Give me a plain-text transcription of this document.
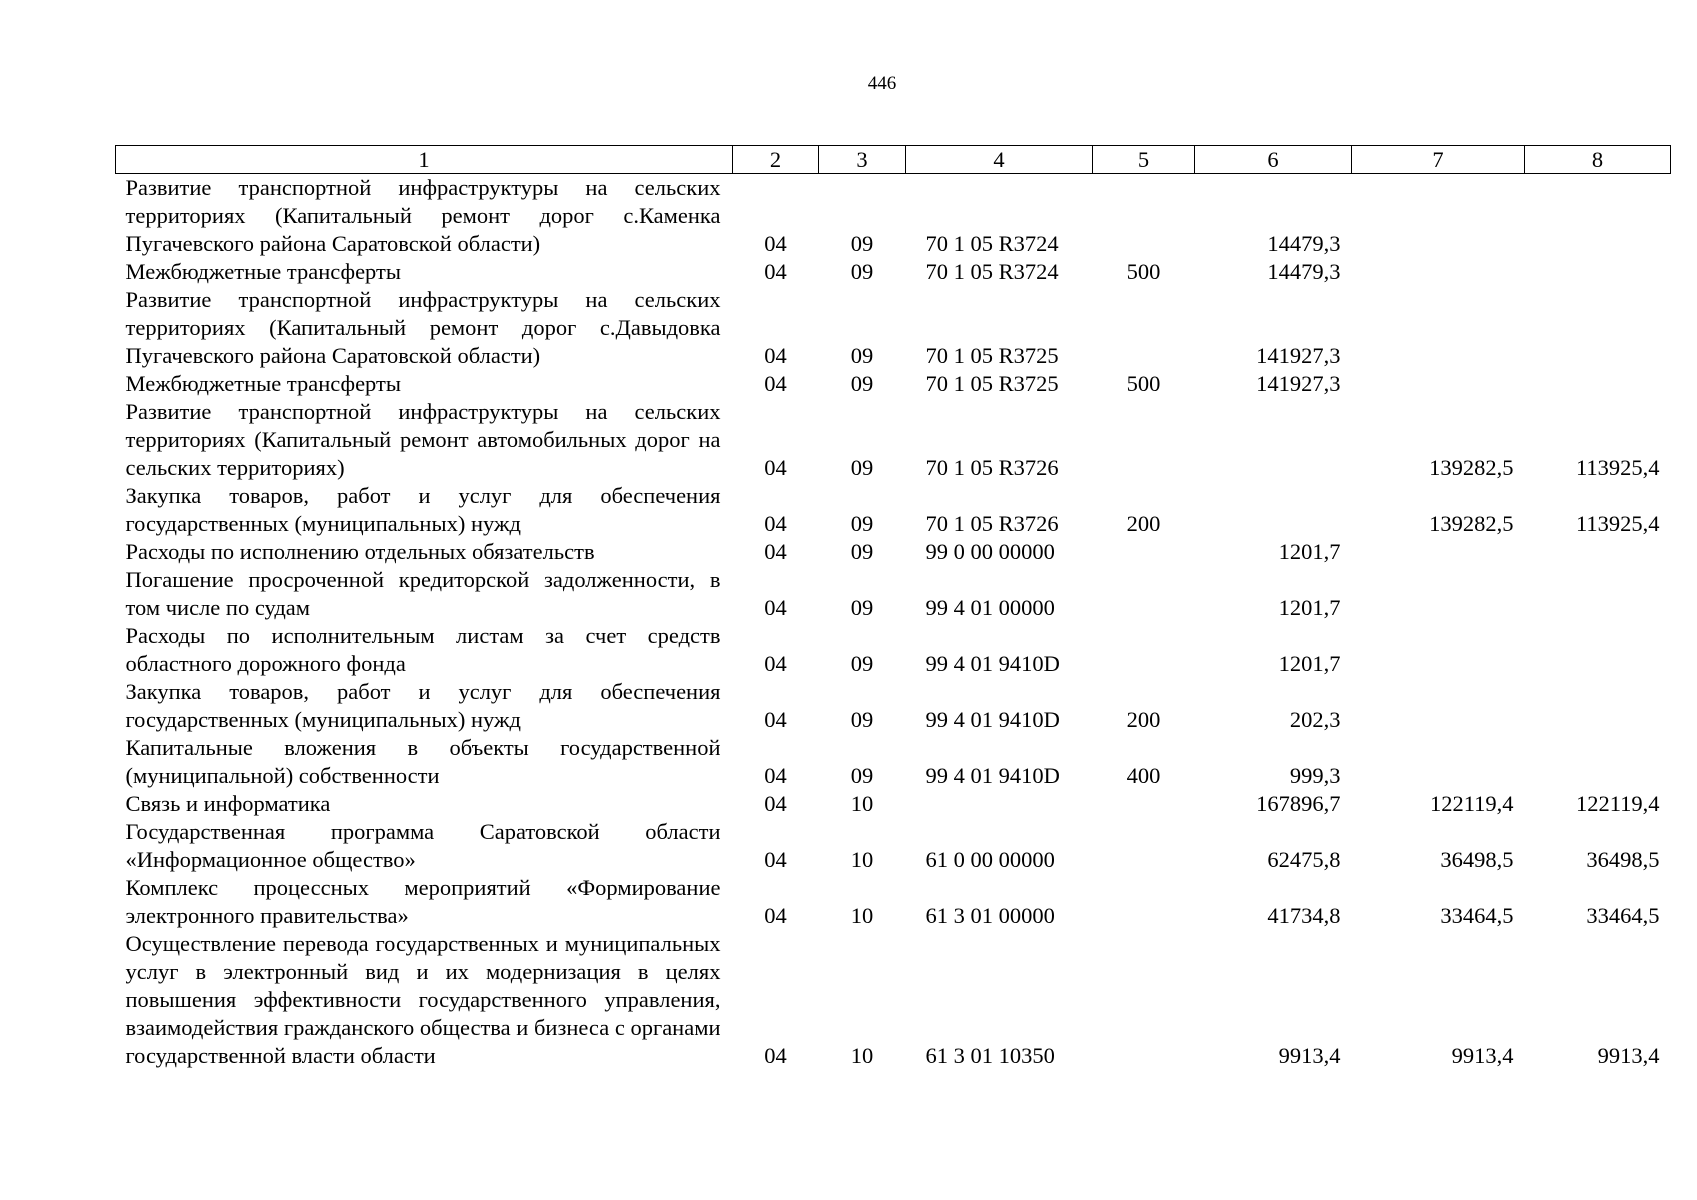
446
1	2	3	4	5	6	7	8
Развитие транспортной инфраструктуры на сельских территориях (Капитальный ремонт дорог с.Каменка Пугачевского района Саратовской области)	04	09	70 1 05 R3724		14479,3		
Межбюджетные трансферты	04	09	70 1 05 R3724	500	14479,3		
Развитие транспортной инфраструктуры на сельских территориях (Капитальный ремонт дорог с.Давыдовка Пугачевского района Саратовской области)	04	09	70 1 05 R3725		141927,3		
Межбюджетные трансферты	04	09	70 1 05 R3725	500	141927,3		
Развитие транспортной инфраструктуры на сельских территориях (Капитальный ремонт автомобильных дорог на сельских территориях)	04	09	70 1 05 R3726			139282,5	113925,4
Закупка товаров, работ и услуг для обеспечения государственных (муниципальных) нужд	04	09	70 1 05 R3726	200		139282,5	113925,4
Расходы по исполнению отдельных обязательств	04	09	99 0 00 00000		1201,7		
Погашение просроченной кредиторской задолженности, в том числе по судам	04	09	99 4 01 00000		1201,7		
Расходы по исполнительным листам за счет средств областного дорожного фонда	04	09	99 4 01 9410D		1201,7		
Закупка товаров, работ и услуг для обеспечения государственных (муниципальных) нужд	04	09	99 4 01 9410D	200	202,3		
Капитальные вложения в объекты государственной (муниципальной) собственности	04	09	99 4 01 9410D	400	999,3		
Связь и информатика	04	10			167896,7	122119,4	122119,4
Государственная программа Саратовской области «Информационное общество»	04	10	61 0 00 00000		62475,8	36498,5	36498,5
Комплекс процессных мероприятий «Формирование электронного правительства»	04	10	61 3 01 00000		41734,8	33464,5	33464,5
Осуществление перевода государственных и муниципальных услуг в электронный вид и их модернизация в целях повышения эффективности государственного управления, взаимодействия гражданского общества и бизнеса с органами государственной власти области	04	10	61 3 01 10350		9913,4	9913,4	9913,4
